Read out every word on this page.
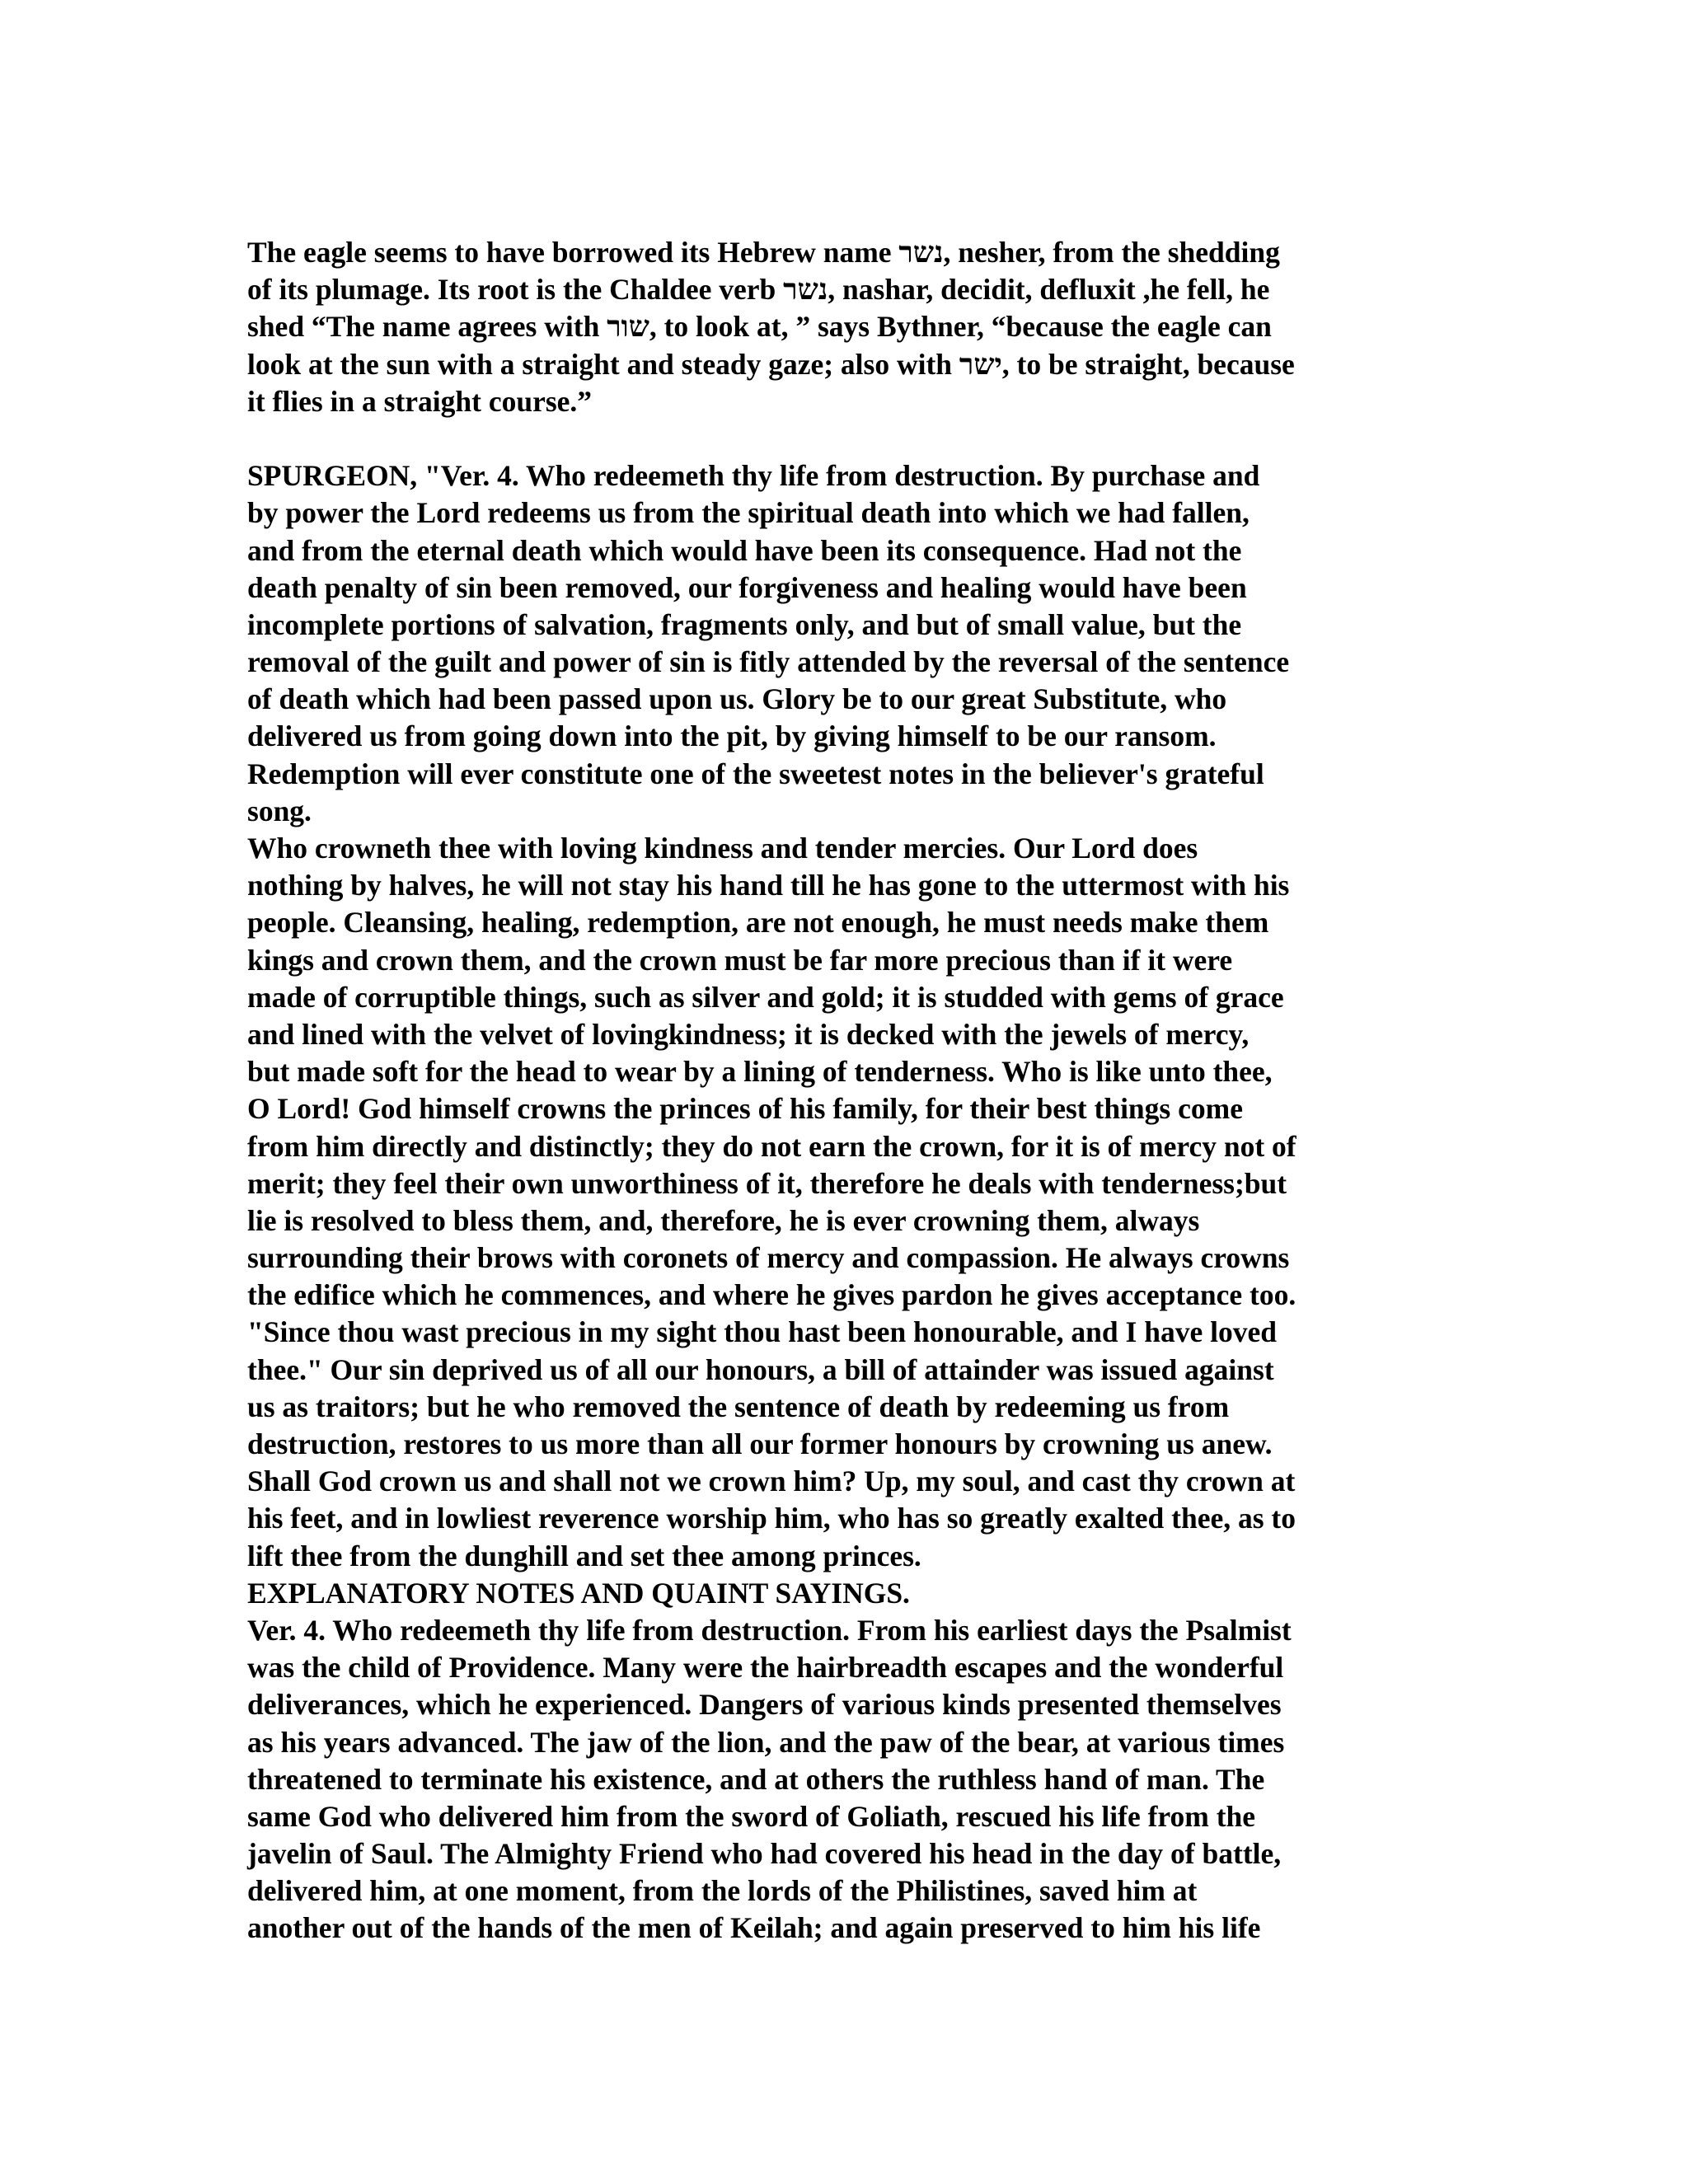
The eagle seems to have borrowed its Hebrew name נשר, nesher, from the shedding
of its plumage. Its root is the Chaldee verb נשר, nashar, decidit, defluxit ,he fell, he
shed “The name agrees with שור, to look at, ” says Bythner, “because the eagle can
look at the sun with a straight and steady gaze; also with ישר, to be straight, because
it flies in a straight course.”
SPURGEON, "Ver. 4. Who redeemeth thy life from destruction. By purchase and
by power the Lord redeems us from the spiritual death into which we had fallen,
and from the eternal death which would have been its consequence. Had not the
death penalty of sin been removed, our forgiveness and healing would have been
incomplete portions of salvation, fragments only, and but of small value, but the
removal of the guilt and power of sin is fitly attended by the reversal of the sentence
of death which had been passed upon us. Glory be to our great Substitute, who
delivered us from going down into the pit, by giving himself to be our ransom.
Redemption will ever constitute one of the sweetest notes in the believer's grateful
song.
Who crowneth thee with loving kindness and tender mercies. Our Lord does
nothing by halves, he will not stay his hand till he has gone to the uttermost with his
people. Cleansing, healing, redemption, are not enough, he must needs make them
kings and crown them, and the crown must be far more precious than if it were
made of corruptible things, such as silver and gold; it is studded with gems of grace
and lined with the velvet of lovingkindness; it is decked with the jewels of mercy,
but made soft for the head to wear by a lining of tenderness. Who is like unto thee,
O Lord! God himself crowns the princes of his family, for their best things come
from him directly and distinctly; they do not earn the crown, for it is of mercy not of
merit; they feel their own unworthiness of it, therefore he deals with tenderness;but
lie is resolved to bless them, and, therefore, he is ever crowning them, always
surrounding their brows with coronets of mercy and compassion. He always crowns
the edifice which he commences, and where he gives pardon he gives acceptance too.
"Since thou wast precious in my sight thou hast been honourable, and I have loved
thee." Our sin deprived us of all our honours, a bill of attainder was issued against
us as traitors; but he who removed the sentence of death by redeeming us from
destruction, restores to us more than all our former honours by crowning us anew.
Shall God crown us and shall not we crown him? Up, my soul, and cast thy crown at
his feet, and in lowliest reverence worship him, who has so greatly exalted thee, as to
lift thee from the dunghill and set thee among princes.
EXPLANATORY NOTES AND QUAINT SAYINGS.
Ver. 4. Who redeemeth thy life from destruction. From his earliest days the Psalmist
was the child of Providence. Many were the hairbreadth escapes and the wonderful
deliverances, which he experienced. Dangers of various kinds presented themselves
as his years advanced. The jaw of the lion, and the paw of the bear, at various times
threatened to terminate his existence, and at others the ruthless hand of man. The
same God who delivered him from the sword of Goliath, rescued his life from the
javelin of Saul. The Almighty Friend who had covered his head in the day of battle,
delivered him, at one moment, from the lords of the Philistines, saved him at
another out of the hands of the men of Keilah; and again preserved to him his life
